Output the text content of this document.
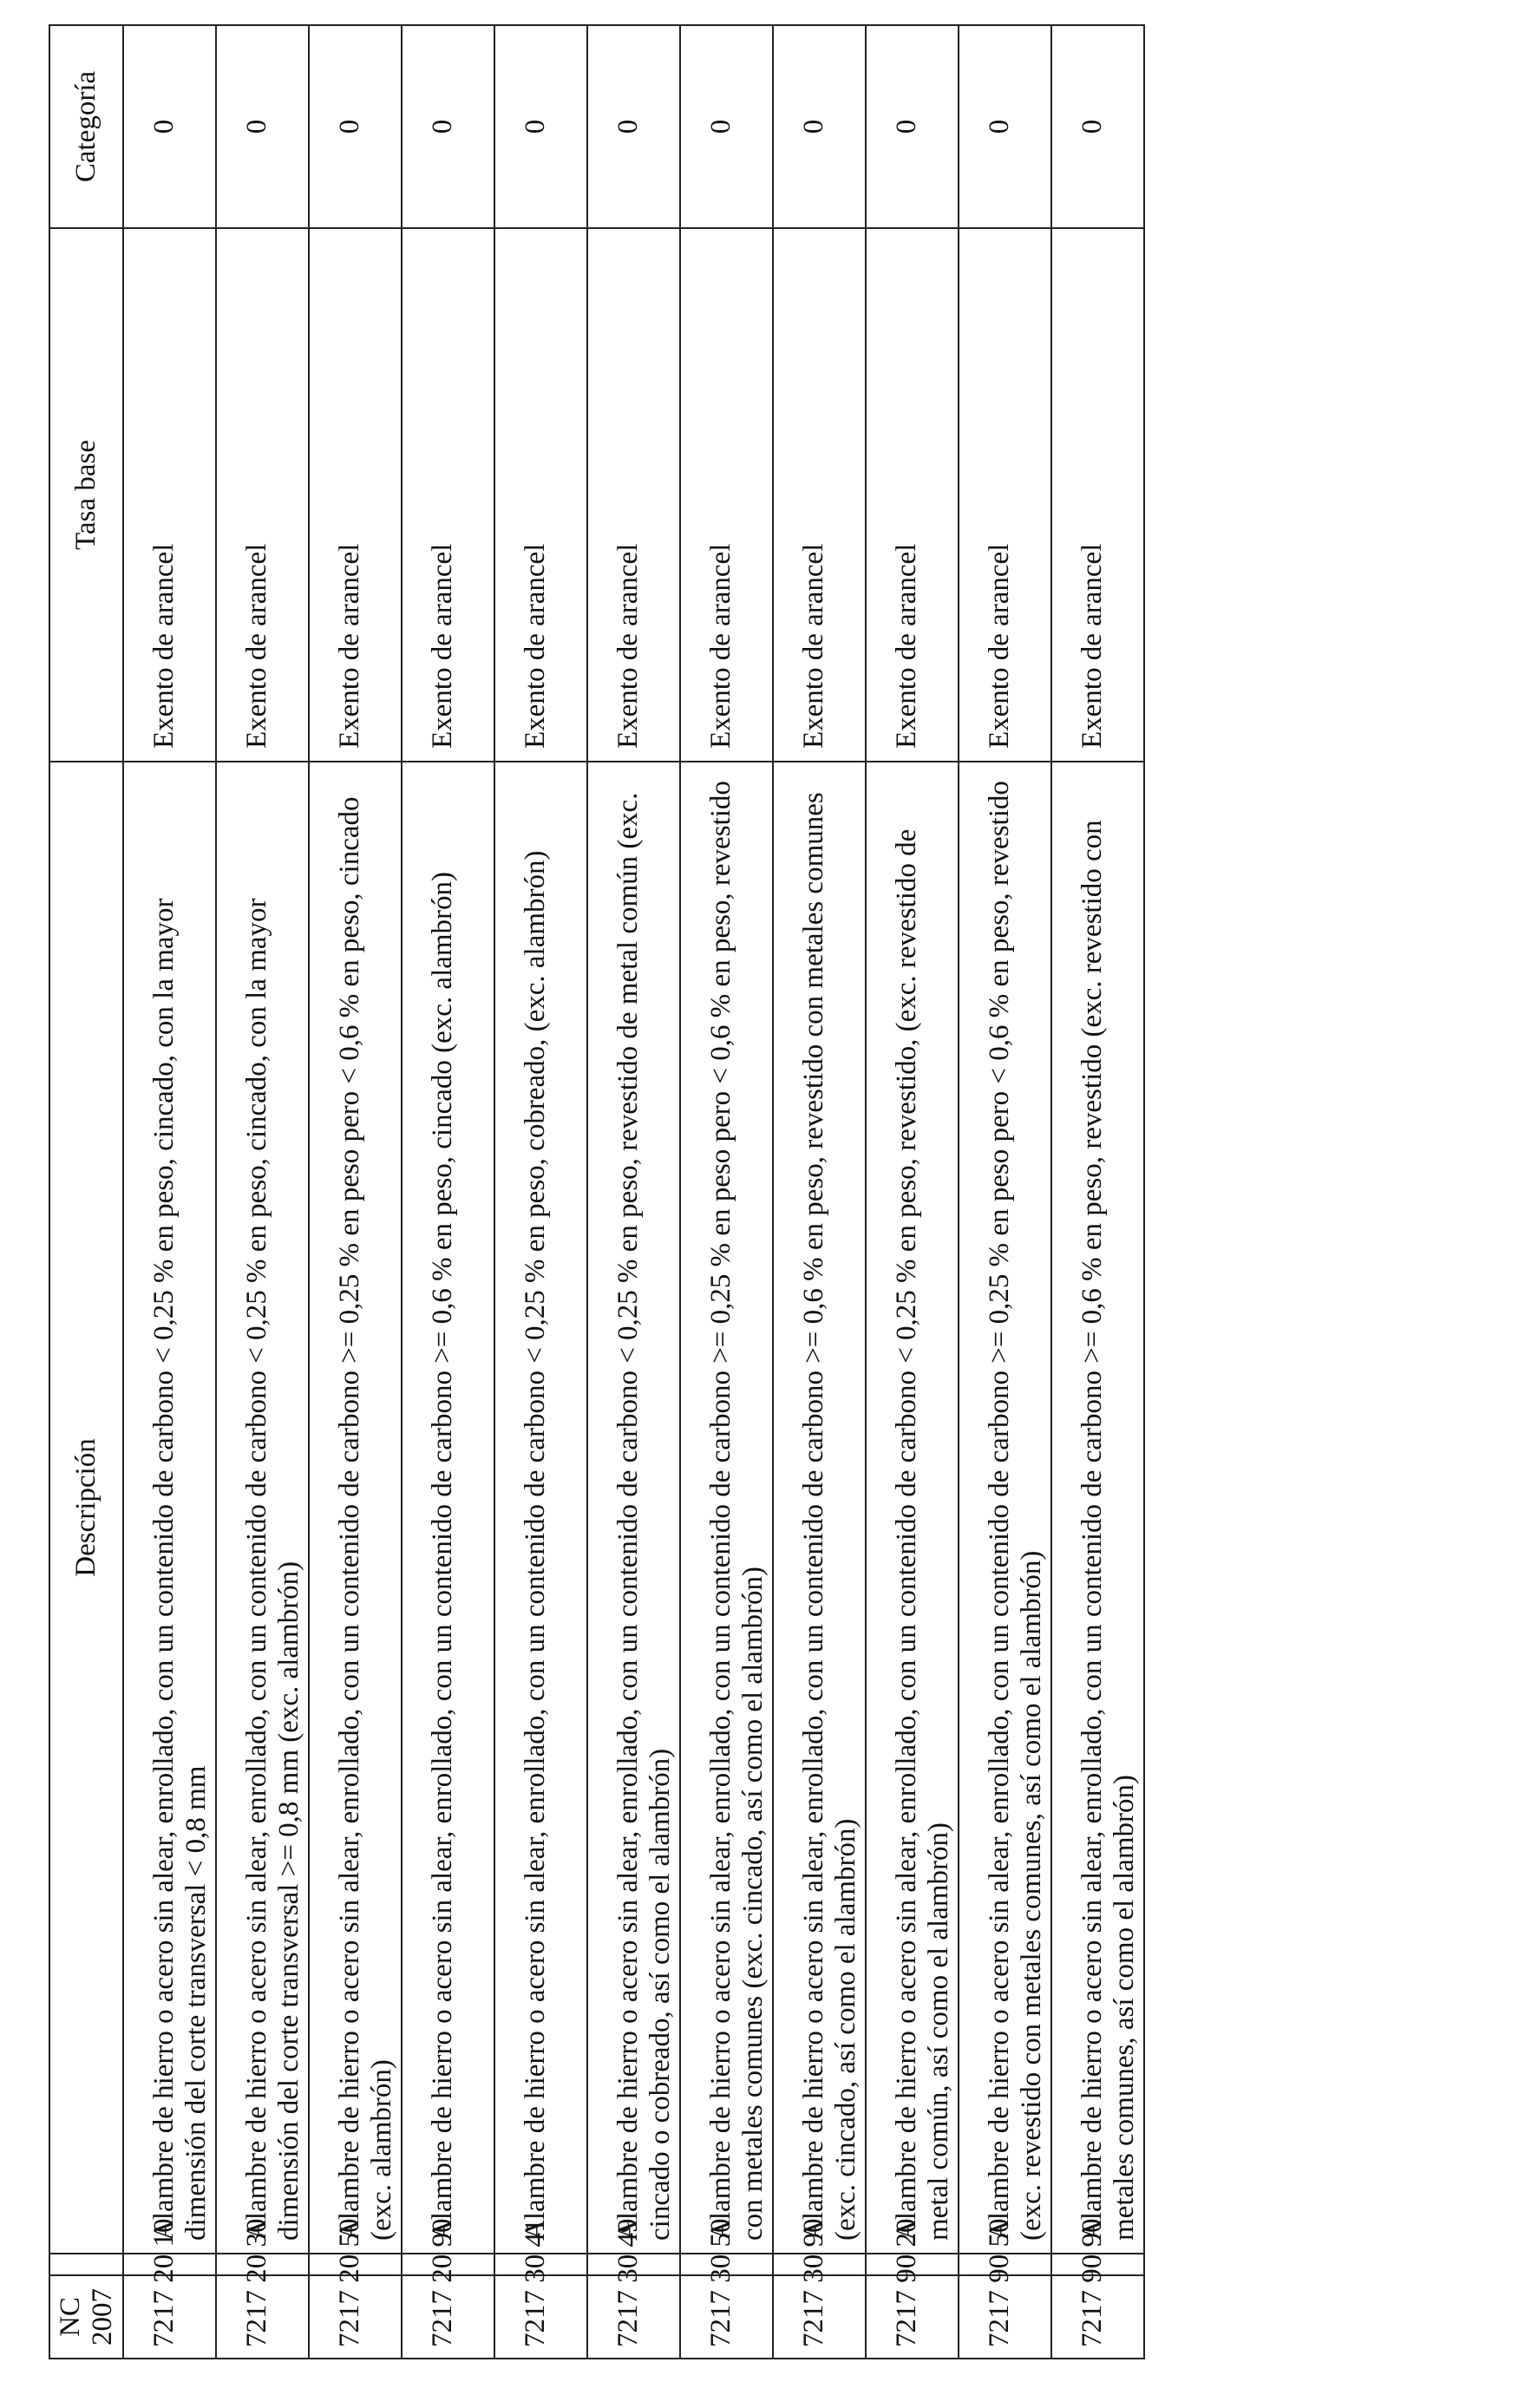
NC 2007		Descripción	Tasa base	Categoría
7217 20 10		Alambre de hierro o acero sin alear, enrollado, con un contenido de carbono < 0,25 % en peso, cincado, con la mayor dimensión del corte transversal < 0,8 mm	Exento de arancel	0
7217 20 30		Alambre de hierro o acero sin alear, enrollado, con un contenido de carbono < 0,25 % en peso, cincado, con la mayor dimensión del corte transversal >= 0,8 mm (exc. alambrón)	Exento de arancel	0
7217 20 50		Alambre de hierro o acero sin alear, enrollado, con un contenido de carbono >= 0,25 % en peso pero < 0,6 % en peso, cincado (exc. alambrón)	Exento de arancel	0
7217 20 90		Alambre de hierro o acero sin alear, enrollado, con un contenido de carbono >= 0,6 % en peso, cincado (exc. alambrón)	Exento de arancel	0
7217 30 41		Alambre de hierro o acero sin alear, enrollado, con un contenido de carbono < 0,25 % en peso, cobreado, (exc. alambrón)	Exento de arancel	0
7217 30 49		Alambre de hierro o acero sin alear, enrollado, con un contenido de carbono < 0,25 % en peso, revestido de metal común (exc. cincado o cobreado, así como el alambrón)	Exento de arancel	0
7217 30 50		Alambre de hierro o acero sin alear, enrollado, con un contenido de carbono >= 0,25 % en peso pero < 0,6 % en peso, revestido con metales comunes (exc. cincado, así como el alambrón)	Exento de arancel	0
7217 30 90		Alambre de hierro o acero sin alear, enrollado, con un contenido de carbono >= 0,6 % en peso, revestido con metales comunes (exc. cincado, así como el alambrón)	Exento de arancel	0
7217 90 20		Alambre de hierro o acero sin alear, enrollado, con un contenido de carbono < 0,25 % en peso, revestido, (exc. revestido de metal común, así como el alambrón)	Exento de arancel	0
7217 90 50		Alambre de hierro o acero sin alear, enrollado, con un contenido de carbono >= 0,25 % en peso pero < 0,6 % en peso, revestido (exc. revestido con metales comunes, así como el alambrón)	Exento de arancel	0
7217 90 90		Alambre de hierro o acero sin alear, enrollado, con un contenido de carbono >= 0,6 % en peso, revestido (exc. revestido con metales comunes, así como el alambrón)	Exento de arancel	0
